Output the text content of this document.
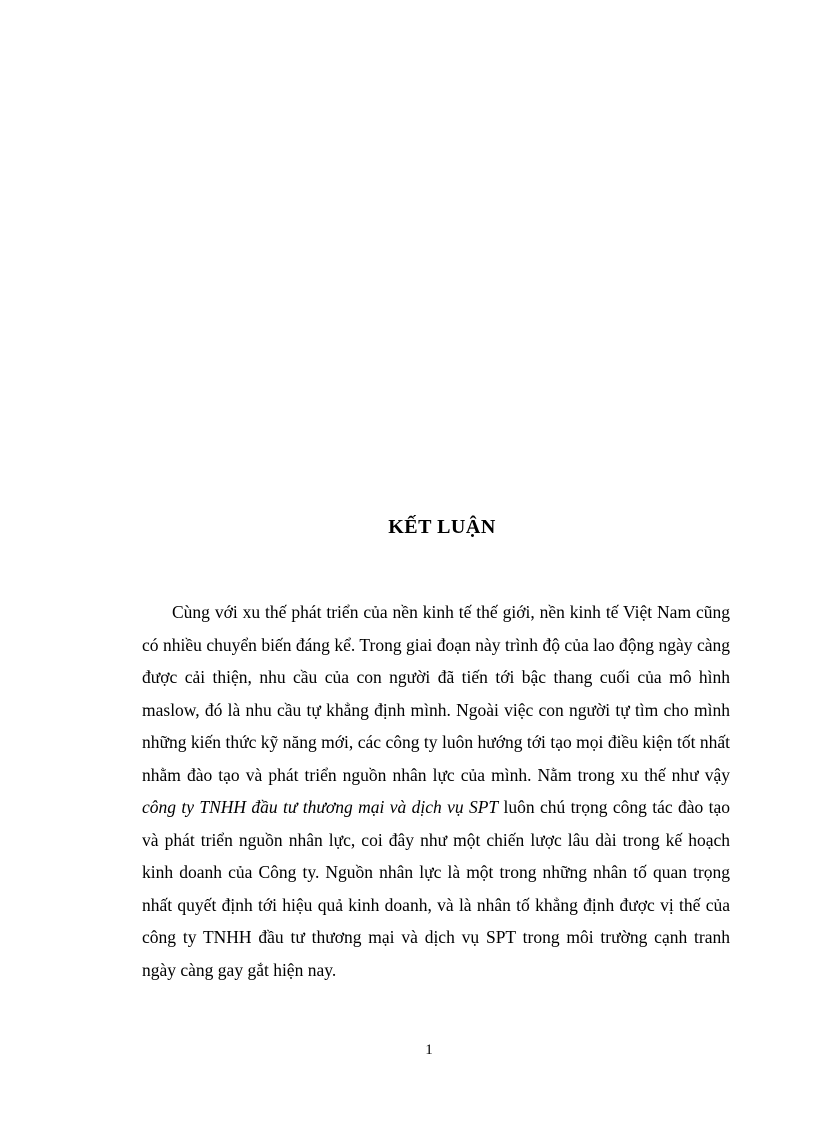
KẾT LUẬN

Cùng với xu thế phát triển của nền kinh tế thế giới, nền kinh tế Việt Nam cũng có nhiều chuyển biến đáng kể. Trong giai đoạn này trình độ của lao động ngày càng được cải thiện, nhu cầu của con người đã tiến tới bậc thang cuối của mô hình maslow, đó là nhu cầu tự khẳng định mình. Ngoài việc con người tự tìm cho mình những kiến thức kỹ năng mới, các công ty luôn hướng tới tạo mọi điều kiện tốt nhất nhằm đào tạo và phát triển nguồn nhân lực của mình. Nằm trong xu thế như vậy công ty TNHH đầu tư thương mại và dịch vụ SPT luôn chú trọng công tác đào tạo và phát triển nguồn nhân lực, coi đây như một chiến lược lâu dài trong kế hoạch kinh doanh của Công ty. Nguồn nhân lực là một trong những nhân tố quan trọng nhất quyết định tới hiệu quả kinh doanh, và là nhân tố khẳng định được vị thế của công ty TNHH đầu tư thương mại và dịch vụ SPT trong môi trường cạnh tranh ngày càng gay gắt hiện nay.

1
